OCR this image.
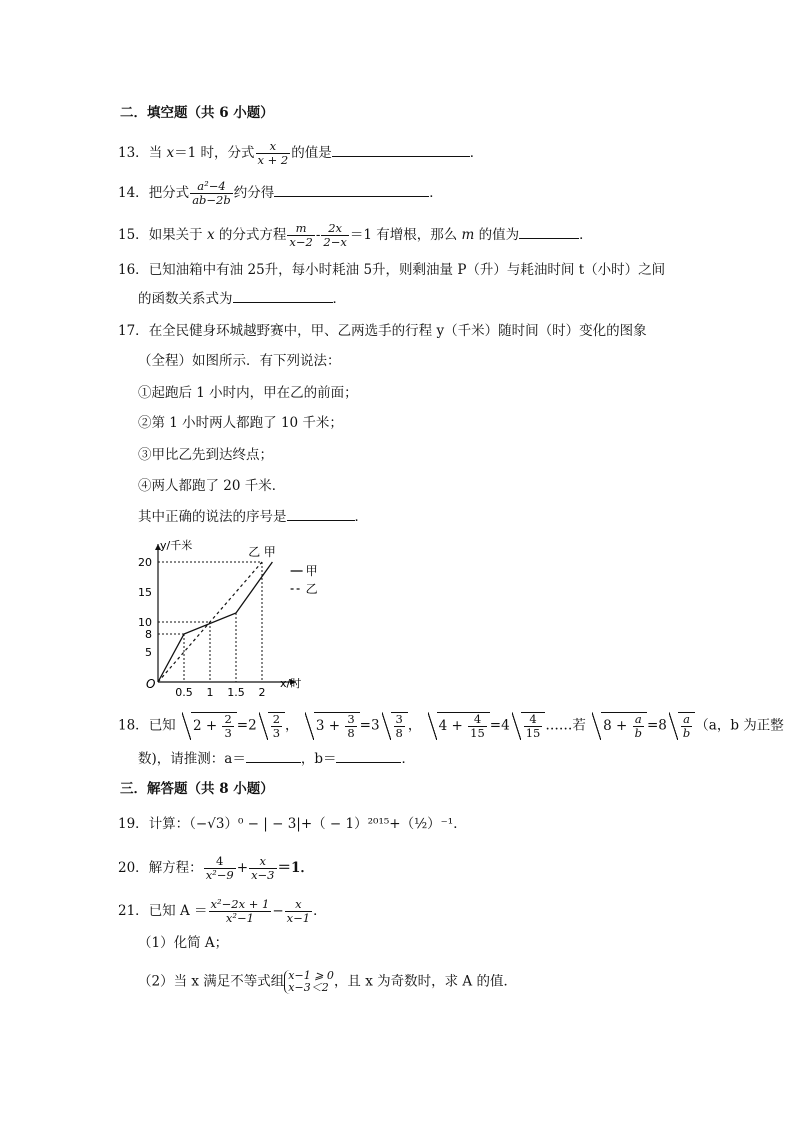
二．填空题（共 6 小题）
13．当 x＝1 时，分式 $\frac{x}{x + 2}$ 的值是	．
14．把分式 $\frac{\text{a²−4}}{ab-2b}$ 约分得	．
15．如果关于 x 的分式方程 $\frac{m}{x-2} - \frac{2x}{2-x} =1$ 有增根，那么 m 的值为	．
16．已知油箱中有油 25升，每小时耗油 5升，则剩油量 P（升）与耗油时间 t（小时）之间
的函数关系式为	．
17．在全民健身环城越野赛中，甲、乙两选手的行程 y（千米）随时间（时）变化的图象
（全程）如图所示．有下列说法：
①起跑后 1 小时内，甲在乙的前面；
②第 1 小时两人都跑了 10 千米；
③甲比乙先到达终点；
④两人都跑了 20 千米．
其中正确的说法的序号是	．
O
y/千米
x/时
5
8
10
15
20
0.5 1 1.5 2
乙 甲
甲
乙
18．已知 $2 + \frac{2}{3} =2 \frac{2}{3}$ ， $3 + \frac{3}{8} =3 \frac{3}{8}$ ， $4 + \frac{4}{15} =4 \frac{4}{15}$ ……若 $8 + \frac{a}{b} =8 \frac{a}{b} (a$，b 为正整
数)，请推测：a＝	，b＝	．
三．解答题（共 8 小题）
19．计算：（−√3）⁰ − | − 3|+（ − 1）²⁰¹⁵+（½）⁻¹．
20．解方程： $\frac{4}{\text{x²−9}} + \frac{x}{x-3} =1$．
21．已知 $A = \frac{\text{x²−2x + 1}}{\text{x²−1}} - \frac{x}{x-1}$ ．
（1）化简 A；
（2）当 x 满足不等式组 x−1 ⩾ 0
x−3＜2 ，且 x 为奇数时，求 A 的值．
